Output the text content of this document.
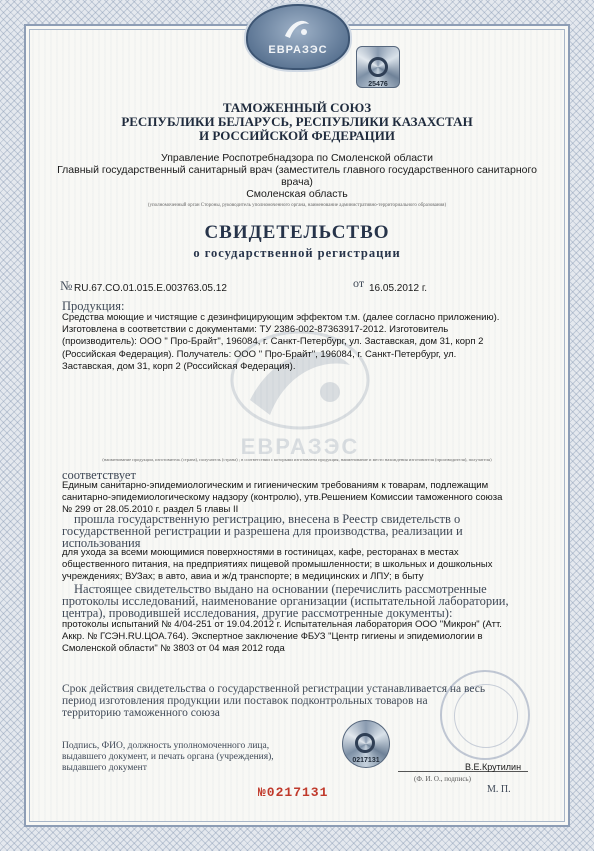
ЕВРАЗЭС
25476
ТАМОЖЕННЫЙ СОЮЗ
РЕСПУБЛИКИ БЕЛАРУСЬ, РЕСПУБЛИКИ КАЗАХСТАН
И РОССИЙСКОЙ ФЕДЕРАЦИИ
Управление Роспотребнадзора по Смоленской области
Главный государственный санитарный врач (заместитель главного государственного санитарного
врача)
Смоленская область
(уполномоченный орган Стороны, руководитель уполномоченного органа, наименование административно-территориального образования)
СВИДЕТЕЛЬСТВО
о государственной регистрации
№ RU.67.CO.01.015.E.003763.05.12	от 16.05.2012 г.
ЕВРАЗЭС
Продукция:
Средства моющие и чистящие с дезинфицирующим эффектом т.м. (далее согласно приложению).
Изготовлена в соответствии с документами: ТУ 2386-002-87363917-2012. Изготовитель
(производитель): ООО " Про-Брайт", 196084, г. Санкт-Петербург, ул. Заставская, дом 31, корп 2
(Российская Федерация). Получатель: ООО " Про-Брайт", 196084, г. Санкт-Петербург, ул.
Заставская, дом 31, корп 2 (Российская Федерация).
(наименование продукции, изготовитель (страна), получатель (страна) ; в соответствии с которыми изготовлена продукция, наименование и место нахождения изготовителя (производителя), получателя)
соответствует
Единым санитарно-эпидемиологическим и гигиеническим требованиям к товарам, подлежащим
санитарно-эпидемиологическому надзору (контролю), утв.Решением Комиссии таможенного союза
№ 299 от 28.05.2010 г. раздел 5 главы II
прошла государственную регистрацию, внесена в Реестр свидетельств о
государственной регистрации и разрешена для производства, реализации и
использования
для ухода за всеми моющимися поверхностями в гостиницах, кафе, ресторанах в местах
общественного питания, на предприятиях пищевой промышленности; в школьных и дошкольных
учреждениях; ВУЗах; в авто, авиа и ж/д транспорте; в медицинских и ЛПУ; в быту
Настоящее свидетельство выдано на основании (перечислить рассмотренные
протоколы исследований, наименование организации (испытательной лаборатории,
центра), проводившей исследования, другие рассмотренные документы):
протоколы испытаний № 4/04-251 от 19.04.2012 г. Испытательная лаборатория ООО "Микрон" (Атт.
Аккр. № ГСЭН.RU.ЦОА.764). Экспертное заключение ФБУЗ "Центр гигиены и эпидемиологии в
Смоленской области" № 3803 от 04 мая 2012 года
Срок действия свидетельства о государственной регистрации устанавливается на весь
период изготовления продукции или поставок подконтрольных товаров на
территорию таможенного союза
0217131
Подпись, ФИО, должность уполномоченного лица,
выдавшего документ, и печать органа (учреждения),
выдавшего документ	В.Е.Крутилин
(Ф. И. О., подпись)
М. П.
№0217131
